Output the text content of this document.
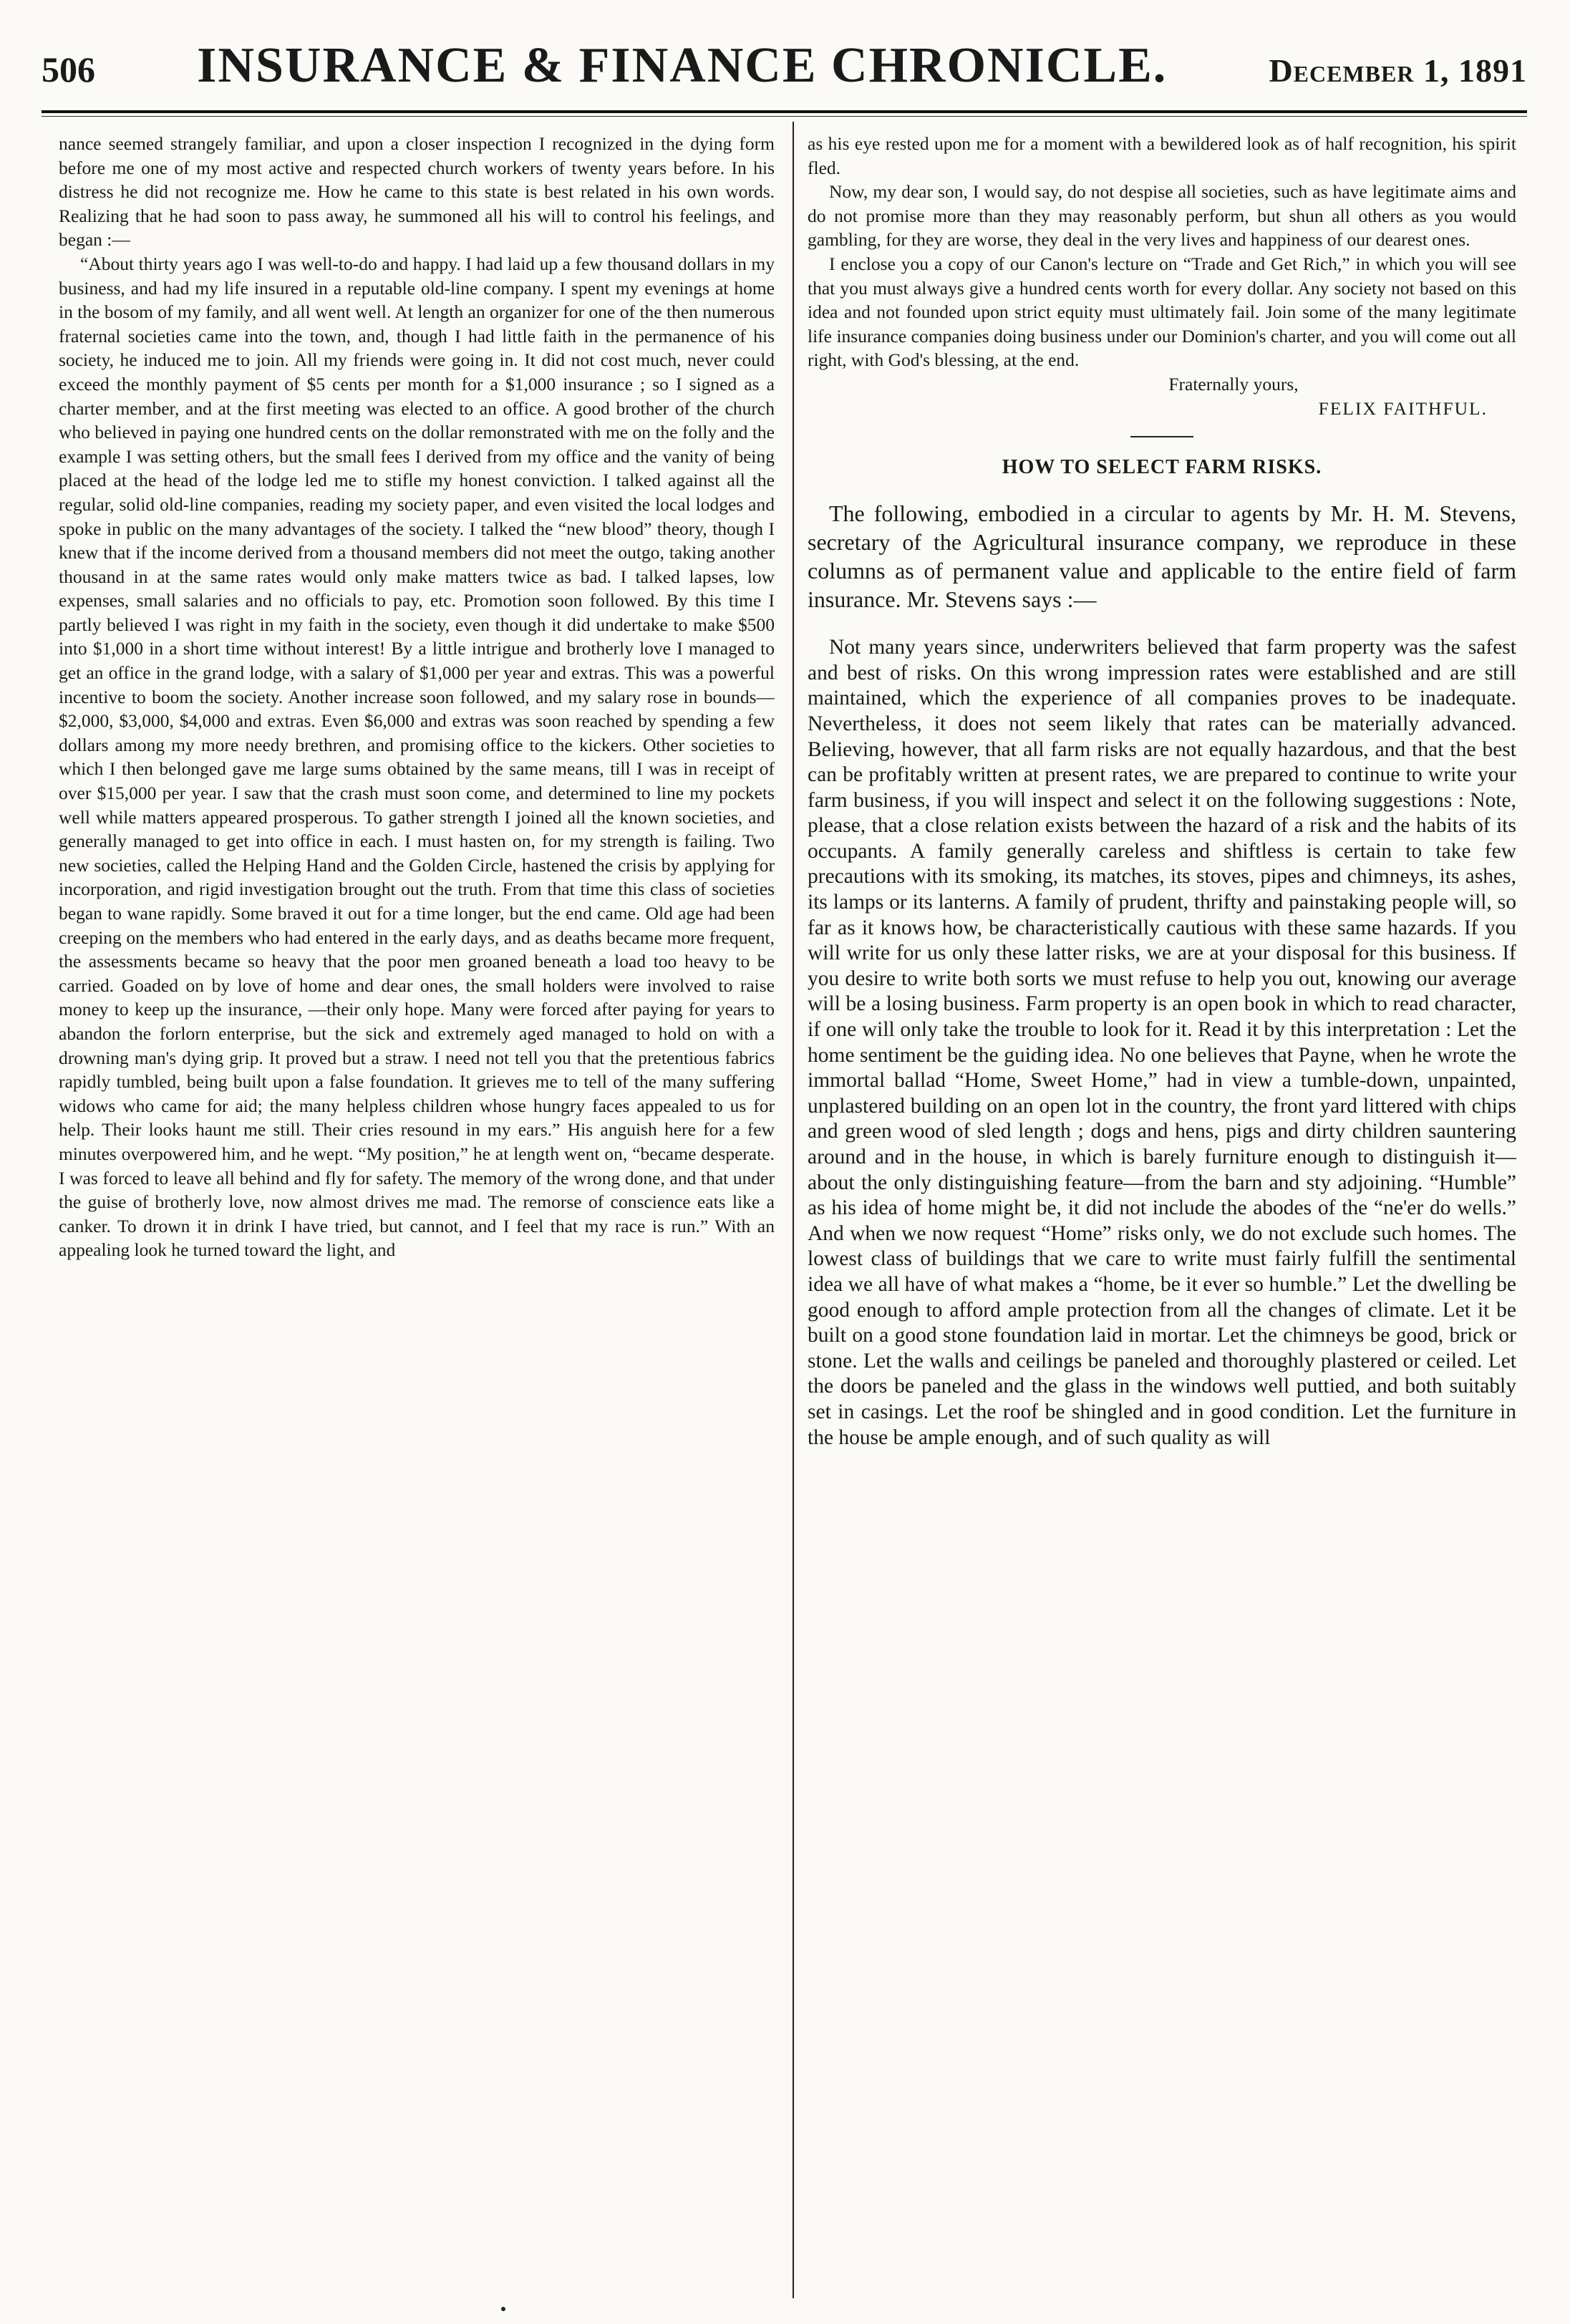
506 INSURANCE & FINANCE CHRONICLE.	December 1, 1891

nance seemed strangely familiar, and upon a closer inspection I recognized in the dying form before me one of my most active and respected church workers of twenty years before. In his distress he did not recognize me. How he came to this state is best related in his own words. Realizing that he had soon to pass away, he summoned all his will to control his feelings, and began :—

“About thirty years ago I was well-to-do and happy. I had laid up a few thousand dollars in my business, and had my life insured in a reputable old-line company. I spent my evenings at home in the bosom of my family, and all went well. At length an organizer for one of the then numerous fraternal societies came into the town, and, though I had little faith in the permanence of his society, he induced me to join. All my friends were going in. It did not cost much, never could exceed the monthly payment of $5 cents per month for a $1,000 insurance ; so I signed as a charter member, and at the first meeting was elected to an office. A good brother of the church who believed in paying one hundred cents on the dollar remonstrated with me on the folly and the example I was setting others, but the small fees I derived from my office and the vanity of being placed at the head of the lodge led me to stifle my honest conviction. I talked against all the regular, solid old-line companies, reading my society paper, and even visited the local lodges and spoke in public on the many advantages of the society. I talked the “new blood” theory, though I knew that if the income derived from a thousand members did not meet the outgo, taking another thousand in at the same rates would only make matters twice as bad. I talked lapses, low expenses, small salaries and no officials to pay, etc. Promotion soon followed. By this time I partly believed I was right in my faith in the society, even though it did undertake to make $500 into $1,000 in a short time without interest! By a little intrigue and brotherly love I managed to get an office in the grand lodge, with a salary of $1,000 per year and extras. This was a powerful incentive to boom the society. Another increase soon followed, and my salary rose in bounds—$2,000, $3,000, $4,000 and extras. Even $6,000 and extras was soon reached by spending a few dollars among my more needy brethren, and promising office to the kickers. Other societies to which I then belonged gave me large sums obtained by the same means, till I was in receipt of over $15,000 per year. I saw that the crash must soon come, and determined to line my pockets well while matters appeared prosperous. To gather strength I joined all the known societies, and generally managed to get into office in each. I must hasten on, for my strength is failing. Two new societies, called the Helping Hand and the Golden Circle, hastened the crisis by applying for incorporation, and rigid investigation brought out the truth. From that time this class of societies began to wane rapidly. Some braved it out for a time longer, but the end came. Old age had been creeping on the members who had entered in the early days, and as deaths became more frequent, the assessments became so heavy that the poor men groaned beneath a load too heavy to be carried. Goaded on by love of home and dear ones, the small holders were involved to raise money to keep up the insurance, —their only hope. Many were forced after paying for years to abandon the forlorn enterprise, but the sick and extremely aged managed to hold on with a drowning man's dying grip. It proved but a straw. I need not tell you that the pretentious fabrics rapidly tumbled, being built upon a false foundation. It grieves me to tell of the many suffering widows who came for aid; the many helpless children whose hungry faces appealed to us for help. Their looks haunt me still. Their cries resound in my ears.” His anguish here for a few minutes overpowered him, and he wept. “My position,” he at length went on, “became desperate. I was forced to leave all behind and fly for safety. The memory of the wrong done, and that under the guise of brotherly love, now almost drives me mad. The remorse of conscience eats like a canker. To drown it in drink I have tried, but cannot, and I feel that my race is run.” With an appealing look he turned toward the light, and

as his eye rested upon me for a moment with a bewildered look as of half recognition, his spirit fled.

Now, my dear son, I would say, do not despise all societies, such as have legitimate aims and do not promise more than they may reasonably perform, but shun all others as you would gambling, for they are worse, they deal in the very lives and happiness of our dearest ones.

I enclose you a copy of our Canon's lecture on “Trade and Get Rich,” in which you will see that you must always give a hundred cents worth for every dollar. Any society not based on this idea and not founded upon strict equity must ultimately fail. Join some of the many legitimate life insurance companies doing business under our Dominion's charter, and you will come out all right, with God's blessing, at the end.

Fraternally yours,

FELIX FAITHFUL.

HOW TO SELECT FARM RISKS.

The following, embodied in a circular to agents by Mr. H. M. Stevens, secretary of the Agricultural insurance company, we reproduce in these columns as of permanent value and applicable to the entire field of farm insurance. Mr. Stevens says :—

Not many years since, underwriters believed that farm property was the safest and best of risks. On this wrong impression rates were established and are still maintained, which the experience of all companies proves to be inadequate. Nevertheless, it does not seem likely that rates can be materially advanced. Believing, however, that all farm risks are not equally hazardous, and that the best can be profitably written at present rates, we are prepared to continue to write your farm business, if you will inspect and select it on the following suggestions : Note, please, that a close relation exists between the hazard of a risk and the habits of its occupants. A family generally careless and shiftless is certain to take few precautions with its smoking, its matches, its stoves, pipes and chimneys, its ashes, its lamps or its lanterns. A family of prudent, thrifty and painstaking people will, so far as it knows how, be characteristically cautious with these same hazards. If you will write for us only these latter risks, we are at your disposal for this business. If you desire to write both sorts we must refuse to help you out, knowing our average will be a losing business. Farm property is an open book in which to read character, if one will only take the trouble to look for it. Read it by this interpretation : Let the home sentiment be the guiding idea. No one believes that Payne, when he wrote the immortal ballad “Home, Sweet Home,” had in view a tumble-down, unpainted, unplastered building on an open lot in the country, the front yard littered with chips and green wood of sled length ; dogs and hens, pigs and dirty children sauntering around and in the house, in which is barely furniture enough to distinguish it—about the only distinguishing feature—from the barn and sty adjoining. “Humble” as his idea of home might be, it did not include the abodes of the “ne'er do wells.” And when we now request “Home” risks only, we do not exclude such homes. The lowest class of buildings that we care to write must fairly fulfill the sentimental idea we all have of what makes a “home, be it ever so humble.” Let the dwelling be good enough to afford ample protection from all the changes of climate. Let it be built on a good stone foundation laid in mortar. Let the chimneys be good, brick or stone. Let the walls and ceilings be paneled and thoroughly plastered or ceiled. Let the doors be paneled and the glass in the windows well puttied, and both suitably set in casings. Let the roof be shingled and in good condition. Let the furniture in the house be ample enough, and of such quality as will
